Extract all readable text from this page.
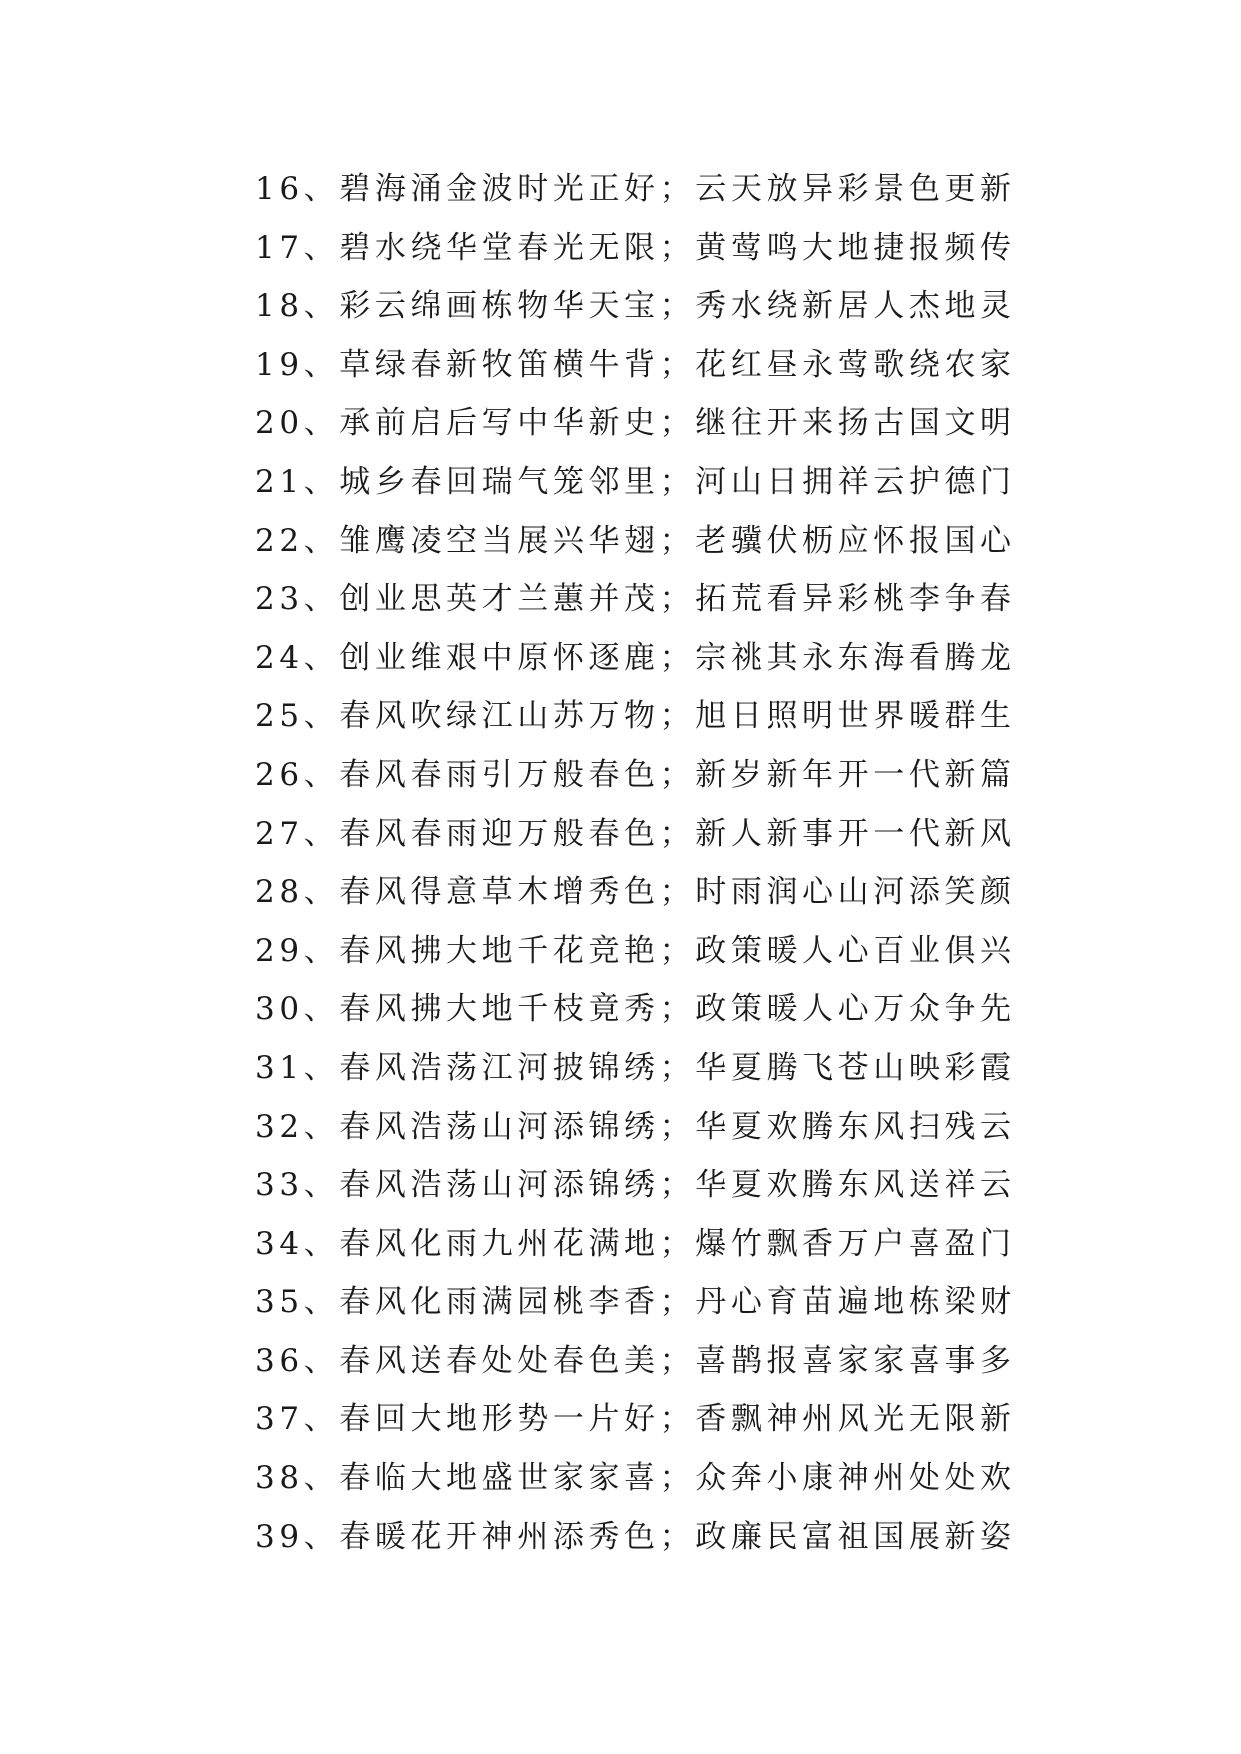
16、碧海涌金波时光正好；云天放异彩景色更新
17、碧水绕华堂春光无限；黄莺鸣大地捷报频传
18、彩云绵画栋物华天宝；秀水绕新居人杰地灵
19、草绿春新牧笛横牛背；花红昼永莺歌绕农家
20、承前启后写中华新史；继往开来扬古国文明
21、城乡春回瑞气笼邻里；河山日拥祥云护德门
22、雏鹰凌空当展兴华翅；老骥伏枥应怀报国心
23、创业思英才兰蕙并茂；拓荒看异彩桃李争春
24、创业维艰中原怀逐鹿；宗祧其永东海看腾龙
25、春风吹绿江山苏万物；旭日照明世界暖群生
26、春风春雨引万般春色；新岁新年开一代新篇
27、春风春雨迎万般春色；新人新事开一代新风
28、春风得意草木增秀色；时雨润心山河添笑颜
29、春风拂大地千花竞艳；政策暖人心百业俱兴
30、春风拂大地千枝竟秀；政策暖人心万众争先
31、春风浩荡江河披锦绣；华夏腾飞苍山映彩霞
32、春风浩荡山河添锦绣；华夏欢腾东风扫残云
33、春风浩荡山河添锦绣；华夏欢腾东风送祥云
34、春风化雨九州花满地；爆竹飘香万户喜盈门
35、春风化雨满园桃李香；丹心育苗遍地栋梁财
36、春风送春处处春色美；喜鹊报喜家家喜事多
37、春回大地形势一片好；香飘神州风光无限新
38、春临大地盛世家家喜；众奔小康神州处处欢
39、春暖花开神州添秀色；政廉民富祖国展新姿
